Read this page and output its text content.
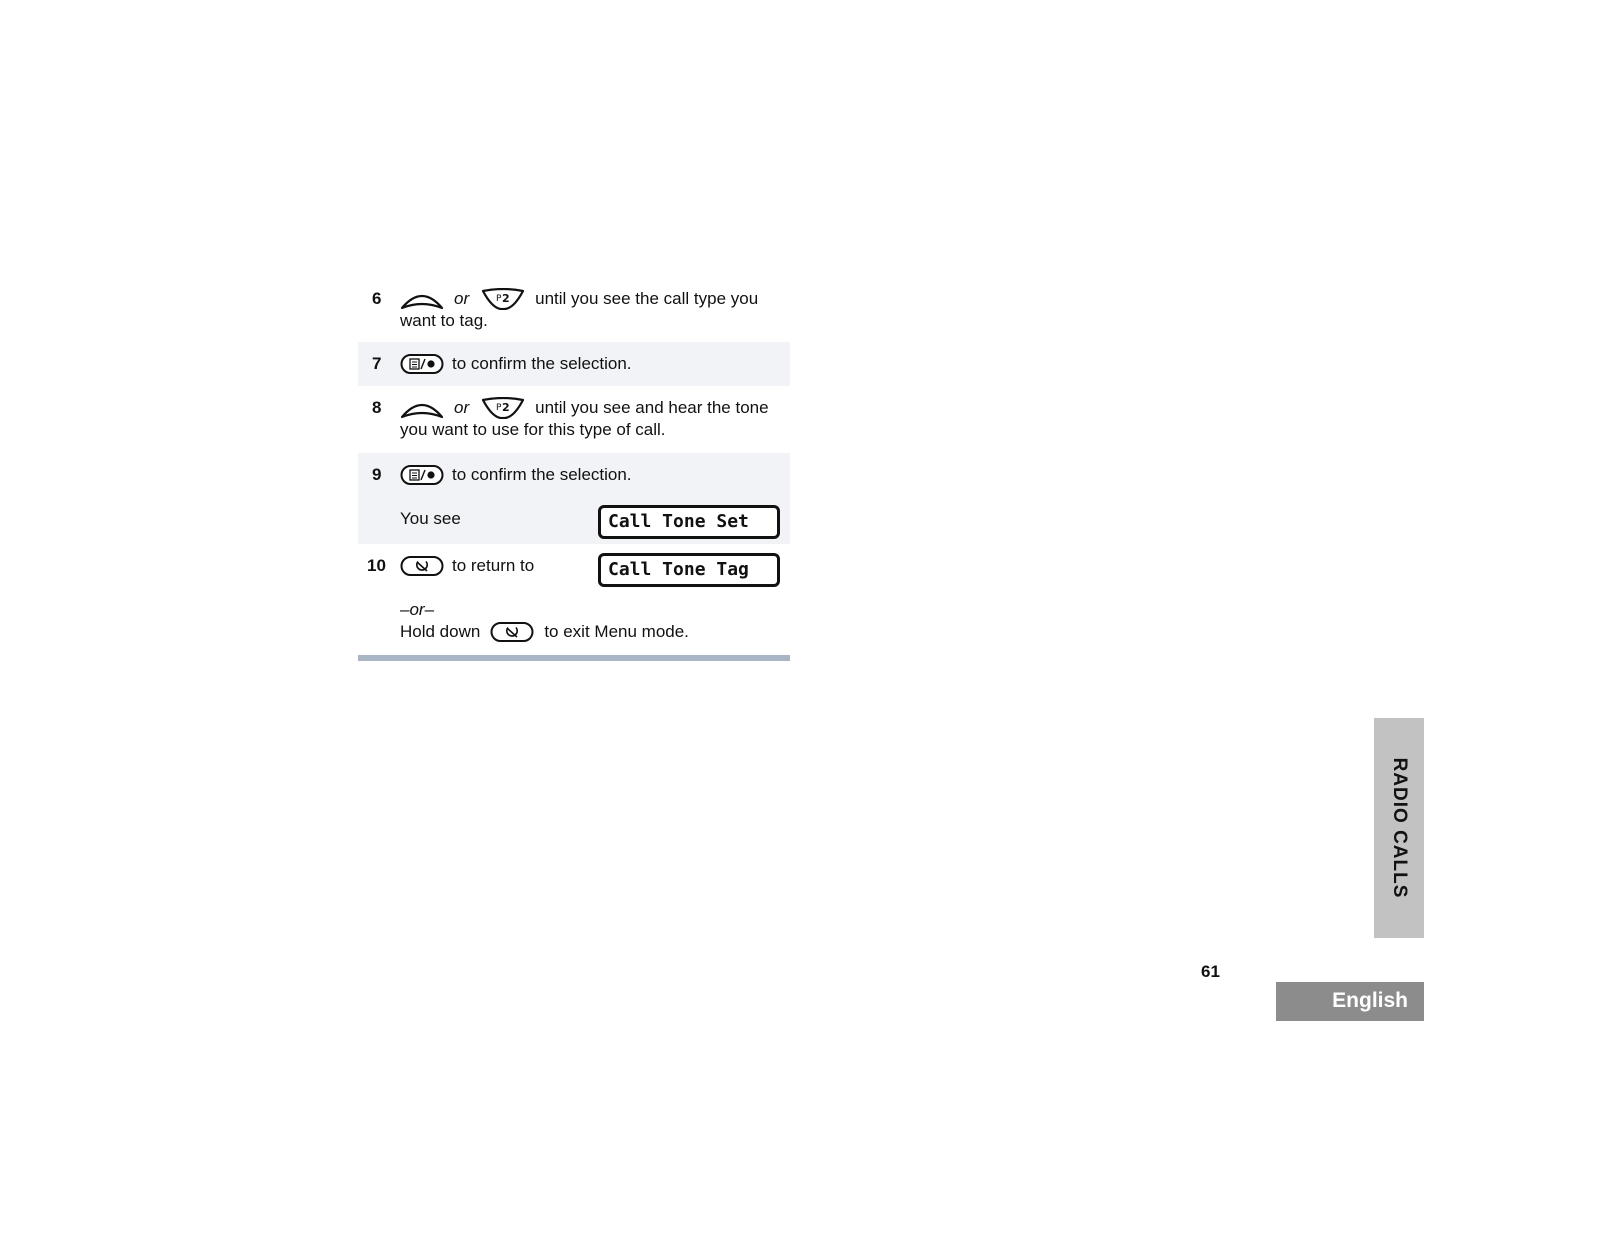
6	or	until you see the call type you
want to tag.
7	to confirm the selection.
8	or	until you see and hear the tone
you want to use for this type of call.
9	to confirm the selection.
You see	Call Tone Set
10	to return to	Call Tone Tag
–or–
Hold down	to exit Menu mode.
RADIO CALLS
61
English
